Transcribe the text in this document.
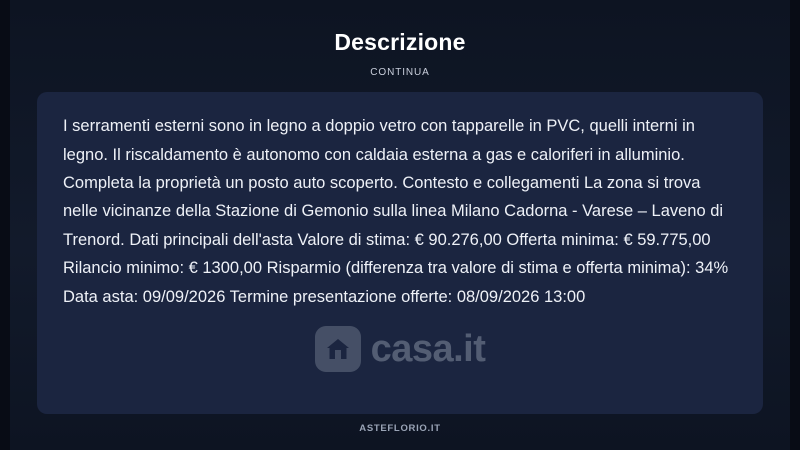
Descrizione
CONTINUA

I serramenti esterni sono in legno a doppio vetro con tapparelle in PVC, quelli interni in legno. Il riscaldamento è autonomo con caldaia esterna a gas e caloriferi in alluminio. Completa la proprietà un posto auto scoperto. Contesto e collegamenti La zona si trova nelle vicinanze della Stazione di Gemonio sulla linea Milano Cadorna - Varese – Laveno di Trenord. Dati principali dell'asta Valore di stima: € 90.276,00 Offerta minima: € 59.775,00 Rilancio minimo: € 1300,00 Risparmio (differenza tra valore di stima e offerta minima): 34% Data asta: 09/09/2026 Termine presentazione offerte: 08/09/2026 13:00

casa.it
ASTEFLORIO.IT
